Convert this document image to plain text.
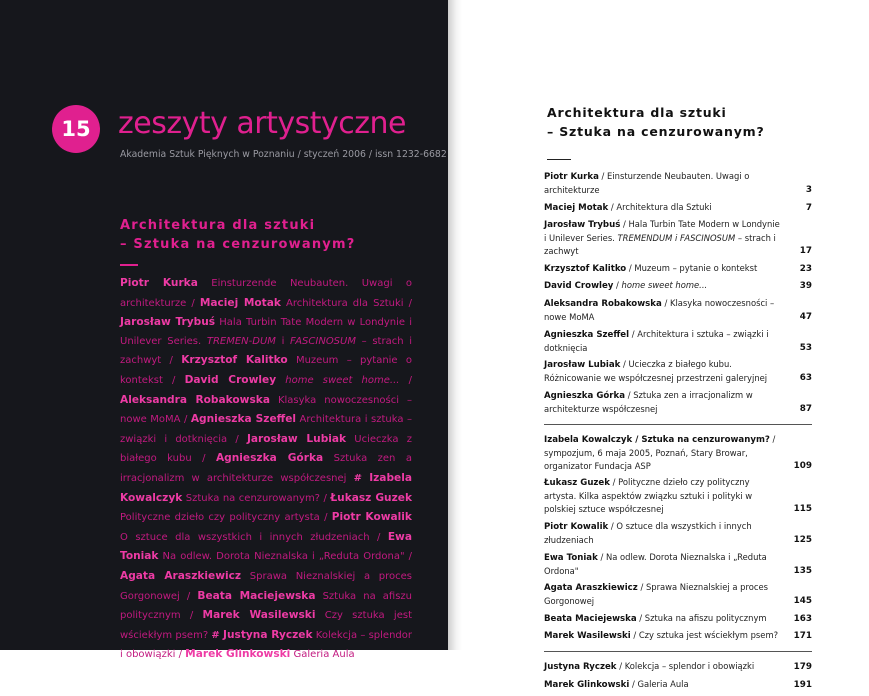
15 zeszyty artystyczne
Akademia Sztuk Pięknych w Poznaniu / styczeń 2006 / issn 1232-6682
Architektura dla sztuki
– Sztuka na cenzurowanym?
Piotr Kurka Einsturzende Neubauten. Uwagi o architekturze / Maciej Motak Architektura dla Sztuki / Jarosław Trybuś Hala Turbin Tate Modern w Londynie i Unilever Series. TREMEN-DUM i FASCINOSUM – strach i zachwyt / Krzysztof Kalitko Muzeum – pytanie o kontekst / David Crowley home sweet home... / Aleksandra Robakowska Klasyka nowoczesności – nowe MoMA / Agnieszka Szeffel Architektura i sztuka – związki i dotknięcia / Jarosław Lubiak Ucieczka z białego kubu / Agnieszka Górka Sztuka zen a irracjonalizm w architekturze współczesnej # Izabela Kowalczyk Sztuka na cenzurowanym? / Łukasz Guzek Polityczne dzieło czy polityczny artysta / Piotr Kowalik O sztuce dla wszystkich i innych złudzeniach / Ewa Toniak Na odlew. Dorota Nieznalska i „Reduta Ordona" / Agata Araszkiewicz Sprawa Nieznalskiej a proces Gorgonowej / Beata Maciejewska Sztuka na afiszu politycznym / Marek Wasilewski Czy sztuka jest wściekłym psem? # Justyna Ryczek Kolekcja – splendor i obowiązki / Marek Glinkowski Galeria Aula
Architektura dla sztuki
– Sztuka na cenzurowanym?
Piotr Kurka / Einsturzende Neubauten. Uwagi o architekturze	3
Maciej Motak / Architektura dla Sztuki	7
Jarosław Trybuś / Hala Turbin Tate Modern w Londynie i Unilever Series. TREMENDUM i FASCINOSUM – strach i zachwyt	17
Krzysztof Kalitko / Muzeum – pytanie o kontekst	23
David Crowley / home sweet home...	39
Aleksandra Robakowska / Klasyka nowoczesności – nowe MoMA	47
Agnieszka Szeffel / Architektura i sztuka – związki i dotknięcia	53
Jarosław Lubiak / Ucieczka z białego kubu. Różnicowanie we współczesnej przestrzeni galeryjnej	63
Agnieszka Górka / Sztuka zen a irracjonalizm w architekturze współczesnej	87
Izabela Kowalczyk / Sztuka na cenzurowanym? / sympozjum, 6 maja 2005, Poznań, Stary Browar, organizator Fundacja ASP	109
Łukasz Guzek / Polityczne dzieło czy polityczny artysta. Kilka aspektów związku sztuki i polityki w polskiej sztuce współczesnej	115
Piotr Kowalik / O sztuce dla wszystkich i innych złudzeniach	125
Ewa Toniak / Na odlew. Dorota Nieznalska i „Reduta Ordona"	135
Agata Araszkiewicz / Sprawa Nieznalskiej a proces Gorgonowej	145
Beata Maciejewska / Sztuka na afiszu politycznym	163
Marek Wasilewski / Czy sztuka jest wściekłym psem? 171
Justyna Ryczek / Kolekcja – splendor i obowiązki	179
Marek Glinkowski / Galeria Aula	191
